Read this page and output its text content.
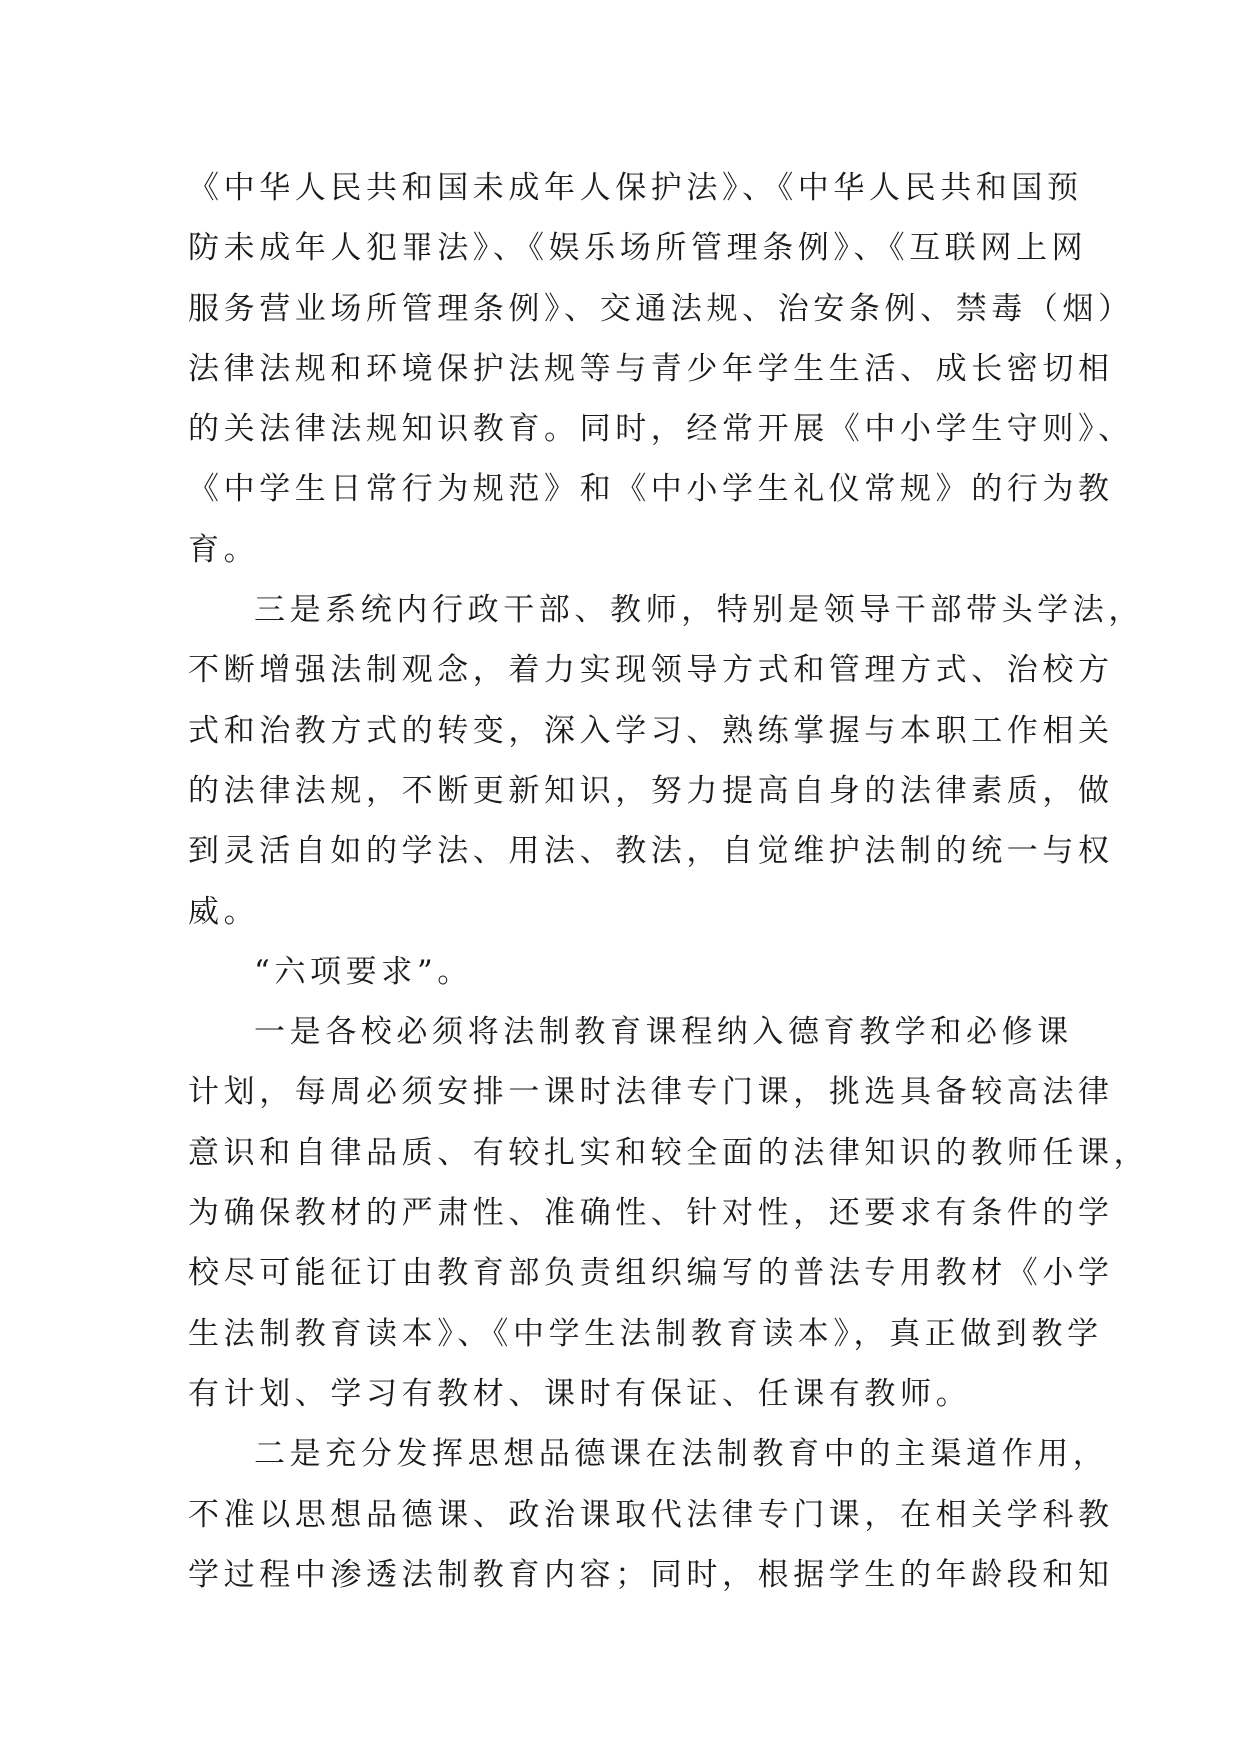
《中华人民共和国未成年人保护法》、《中华人民共和国预
防未成年人犯罪法》、《娱乐场所管理条例》、《互联网上网
服务营业场所管理条例》、交通法规、治安条例、禁毒（烟）
法律法规和环境保护法规等与青少年学生生活、成长密切相
的关法律法规知识教育。同时，经常开展《中小学生守则》、
《中学生日常行为规范》和《中小学生礼仪常规》的行为教
育。
三是系统内行政干部、教师，特别是领导干部带头学法，
不断增强法制观念，着力实现领导方式和管理方式、治校方
式和治教方式的转变，深入学习、熟练掌握与本职工作相关
的法律法规，不断更新知识，努力提高自身的法律素质，做
到灵活自如的学法、用法、教法，自觉维护法制的统一与权
威。
“六项要求”。
一是各校必须将法制教育课程纳入德育教学和必修课
计划，每周必须安排一课时法律专门课，挑选具备较高法律
意识和自律品质、有较扎实和较全面的法律知识的教师任课，
为确保教材的严肃性、准确性、针对性，还要求有条件的学
校尽可能征订由教育部负责组织编写的普法专用教材《小学
生法制教育读本》、《中学生法制教育读本》，真正做到教学
有计划、学习有教材、课时有保证、任课有教师。
二是充分发挥思想品德课在法制教育中的主渠道作用，
不准以思想品德课、政治课取代法律专门课，在相关学科教
学过程中渗透法制教育内容；同时，根据学生的年龄段和知
